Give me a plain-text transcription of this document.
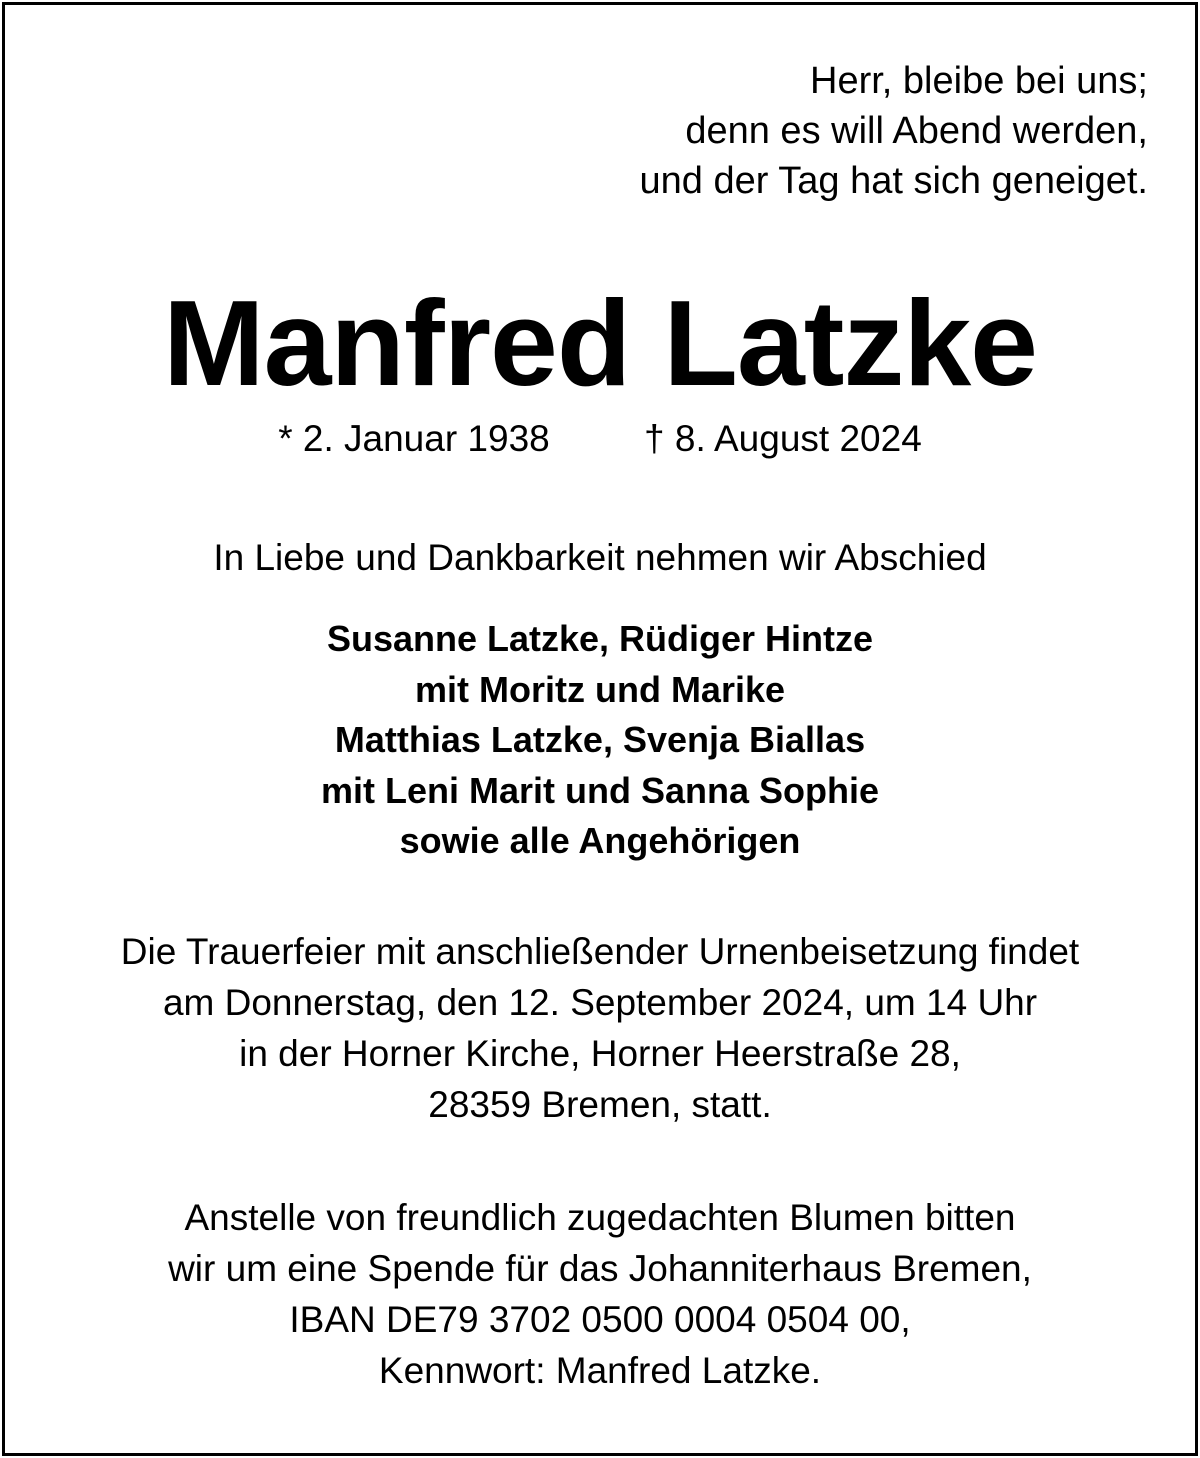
Herr, bleibe bei uns;
denn es will Abend werden,
und der Tag hat sich geneiget.
Manfred Latzke
* 2. Januar 1938	† 8. August 2024
In Liebe und Dankbarkeit nehmen wir Abschied
Susanne Latzke, Rüdiger Hintze
mit Moritz und Marike
Matthias Latzke, Svenja Biallas
mit Leni Marit und Sanna Sophie
sowie alle Angehörigen
Die Trauerfeier mit anschließender Urnenbeisetzung findet
am Donnerstag, den 12. September 2024, um 14 Uhr
in der Horner Kirche, Horner Heerstraße 28,
28359 Bremen, statt.
Anstelle von freundlich zugedachten Blumen bitten
wir um eine Spende für das Johanniterhaus Bremen,
IBAN DE79 3702 0500 0004 0504 00,
Kennwort: Manfred Latzke.
